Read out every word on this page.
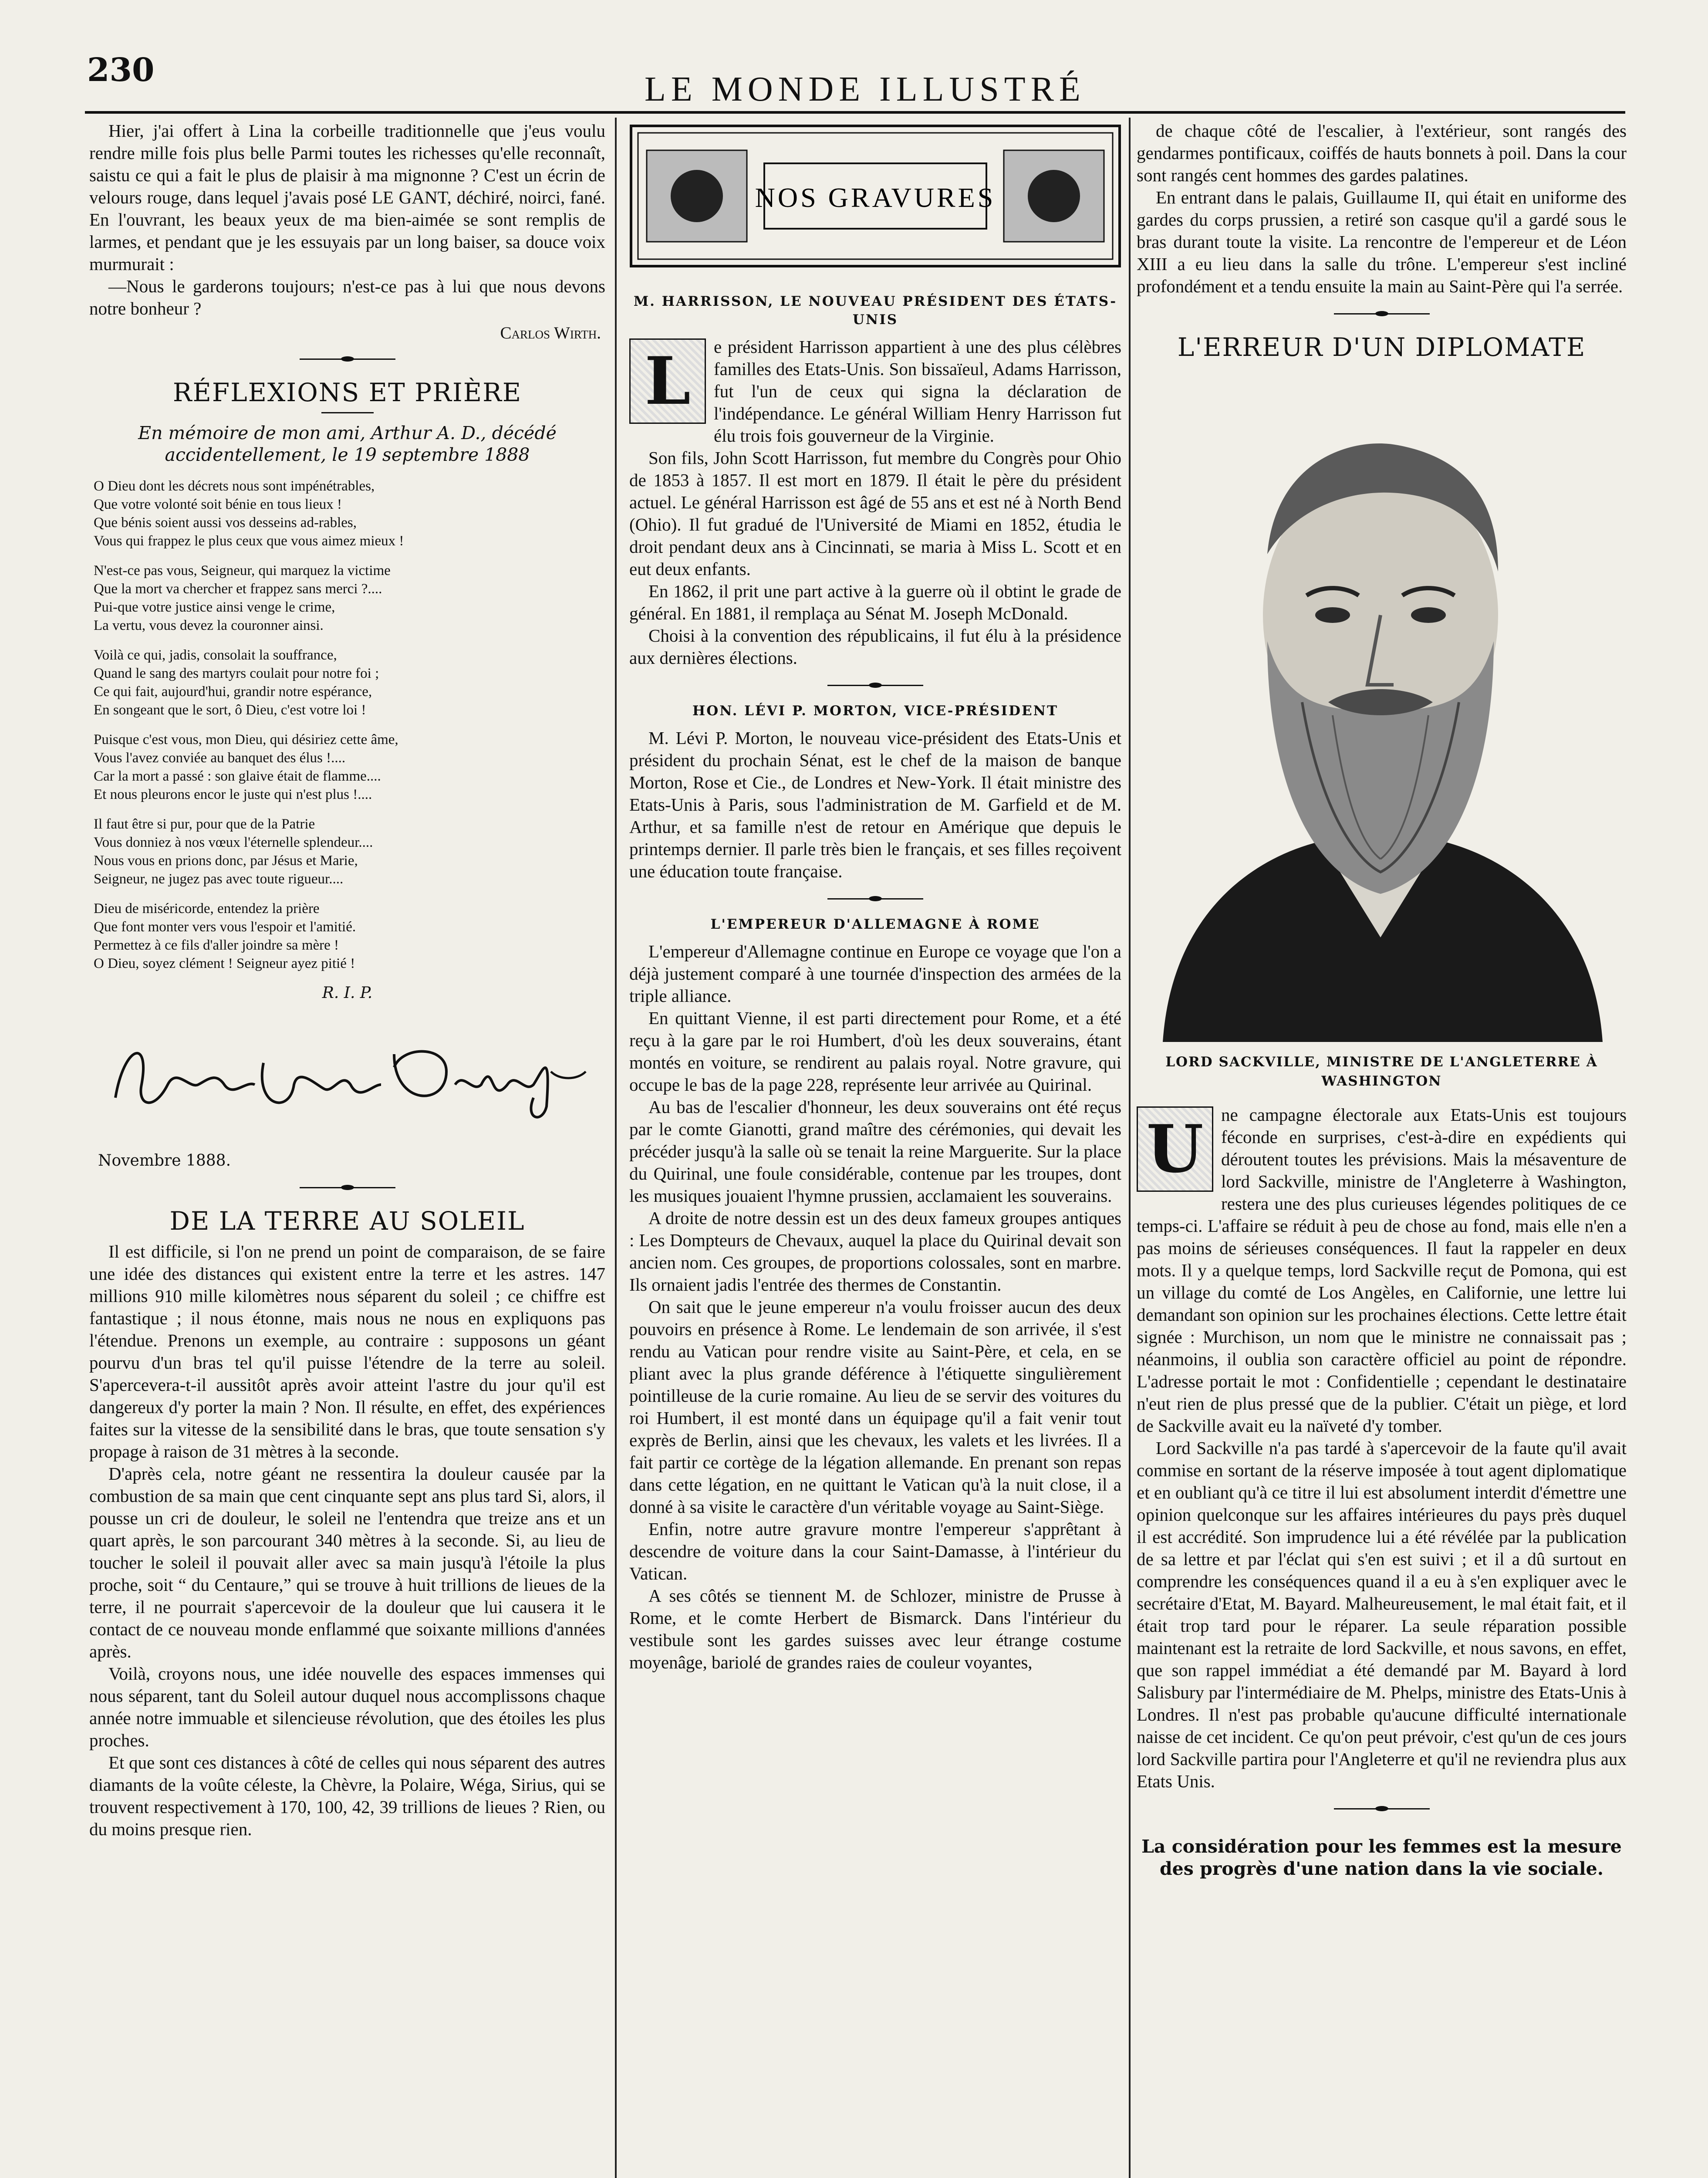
230	LE MONDE ILLUSTRÉ

Hier, j'ai offert à Lina la corbeille traditionnelle que j'eus voulu rendre mille fois plus belle Parmi toutes les richesses qu'elle reconnaît, saistu ce qui a fait le plus de plaisir à ma mignonne ? C'est un écrin de velours rouge, dans lequel j'avais posé LE GANT, déchiré, noirci, fané. En l'ouvrant, les beaux yeux de ma bien-aimée se sont remplis de larmes, et pendant que je les essuyais par un long baiser, sa douce voix murmurait :

—Nous le garderons toujours; n'est-ce pas à lui que nous devons notre bonheur ?

Carlos Wirth.
RÉFLEXIONS ET PRIÈRE
En mémoire de mon ami, Arthur A. D., décédé accidentellement, le 19 septembre 1888
O Dieu dont les décrets nous sont impénétrables,
Que votre volonté soit bénie en tous lieux !
Que bénis soient aussi vos desseins ad-rables,
Vous qui frappez le plus ceux que vous aimez mieux !
N'est-ce pas vous, Seigneur, qui marquez la victime
Que la mort va chercher et frappez sans merci ?....
Pui-que votre justice ainsi venge le crime,
La vertu, vous devez la couronner ainsi.
Voilà ce qui, jadis, consolait la souffrance,
Quand le sang des martyrs coulait pour notre foi ;
Ce qui fait, aujourd'hui, grandir notre espérance,
En songeant que le sort, ô Dieu, c'est votre loi !
Puisque c'est vous, mon Dieu, qui désiriez cette âme,
Vous l'avez conviée au banquet des élus !....
Car la mort a passé : son glaive était de flamme....
Et nous pleurons encor le juste qui n'est plus !....
Il faut être si pur, pour que de la Patrie
Vous donniez à nos vœux l'éternelle splendeur....
Nous vous en prions donc, par Jésus et Marie,
Seigneur, ne jugez pas avec toute rigueur....
Dieu de miséricorde, entendez la prière
Que font monter vers vous l'espoir et l'amitié.
Permettez à ce fils d'aller joindre sa mère !
O Dieu, soyez clément ! Seigneur ayez pitié !
R. I. P.
Novembre 1888.
DE LA TERRE AU SOLEIL

Il est difficile, si l'on ne prend un point de comparaison, de se faire une idée des distances qui existent entre la terre et les astres. 147 millions 910 mille kilomètres nous séparent du soleil ; ce chiffre est fantastique ; il nous étonne, mais nous ne nous en expliquons pas l'étendue. Prenons un exemple, au contraire : supposons un géant pourvu d'un bras tel qu'il puisse l'étendre de la terre au soleil. S'apercevera-t-il aussitôt après avoir atteint l'astre du jour qu'il est dangereux d'y porter la main ? Non. Il résulte, en effet, des expériences faites sur la vitesse de la sensibilité dans le bras, que toute sensation s'y propage à raison de 31 mètres à la seconde.

D'après cela, notre géant ne ressentira la douleur causée par la combustion de sa main que cent cinquante sept ans plus tard Si, alors, il pousse un cri de douleur, le soleil ne l'entendra que treize ans et un quart après, le son parcourant 340 mètres à la seconde. Si, au lieu de toucher le soleil il pouvait aller avec sa main jusqu'à l'étoile la plus proche, soit “ du Centaure,” qui se trouve à huit trillions de lieues de la terre, il ne pourrait s'apercevoir de la douleur que lui causera it le contact de ce nouveau monde enflammé que soixante millions d'années après.

Voilà, croyons nous, une idée nouvelle des espaces immenses qui nous séparent, tant du Soleil autour duquel nous accomplissons chaque année notre immuable et silencieuse révolution, que des étoiles les plus proches.

Et que sont ces distances à côté de celles qui nous séparent des autres diamants de la voûte céleste, la Chèvre, la Polaire, Wéga, Sirius, qui se trouvent respectivement à 170, 100, 42, 39 trillions de lieues ? Rien, ou du moins presque rien.

NOS GRAVURES
M. HARRISSON, LE NOUVEAU PRÉSIDENT DES ÉTATS-UNIS
L	e président Harrisson appartient à une des plus célèbres familles des Etats-Unis. Son bissaïeul, Adams Harrisson, fut l'un de ceux qui signa la déclaration de l'indépendance. Le général William Henry Harrisson fut élu trois fois gouverneur de la Virginie.

Son fils, John Scott Harrisson, fut membre du Congrès pour Ohio de 1853 à 1857. Il est mort en 1879. Il était le père du président actuel. Le général Harrisson est âgé de 55 ans et est né à North Bend (Ohio). Il fut gradué de l'Université de Miami en 1852, étudia le droit pendant deux ans à Cincinnati, se maria à Miss L. Scott et en eut deux enfants.

En 1862, il prit une part active à la guerre où il obtint le grade de général. En 1881, il remplaça au Sénat M. Joseph McDonald.

Choisi à la convention des républicains, il fut élu à la présidence aux dernières élections.

HON. LÉVI P. MORTON, VICE-PRÉSIDENT

M. Lévi P. Morton, le nouveau vice-président des Etats-Unis et président du prochain Sénat, est le chef de la maison de banque Morton, Rose et Cie., de Londres et New-York. Il était ministre des Etats-Unis à Paris, sous l'administration de M. Garfield et de M. Arthur, et sa famille n'est de retour en Amérique que depuis le printemps dernier. Il parle très bien le français, et ses filles reçoivent une éducation toute française.

L'EMPEREUR D'ALLEMAGNE À ROME

L'empereur d'Allemagne continue en Europe ce voyage que l'on a déjà justement comparé à une tournée d'inspection des armées de la triple alliance.

En quittant Vienne, il est parti directement pour Rome, et a été reçu à la gare par le roi Humbert, d'où les deux souverains, étant montés en voiture, se rendirent au palais royal. Notre gravure, qui occupe le bas de la page 228, représente leur arrivée au Quirinal.

Au bas de l'escalier d'honneur, les deux souverains ont été reçus par le comte Gianotti, grand maître des cérémonies, qui devait les précéder jusqu'à la salle où se tenait la reine Marguerite. Sur la place du Quirinal, une foule considérable, contenue par les troupes, dont les musiques jouaient l'hymne prussien, acclamaient les souverains.

A droite de notre dessin est un des deux fameux groupes antiques : Les Dompteurs de Chevaux, auquel la place du Quirinal devait son ancien nom. Ces groupes, de proportions colossales, sont en marbre. Ils ornaient jadis l'entrée des thermes de Constantin.

On sait que le jeune empereur n'a voulu froisser aucun des deux pouvoirs en présence à Rome. Le lendemain de son arrivée, il s'est rendu au Vatican pour rendre visite au Saint-Père, et cela, en se pliant avec la plus grande déférence à l'étiquette singulièrement pointilleuse de la curie romaine. Au lieu de se servir des voitures du roi Humbert, il est monté dans un équipage qu'il a fait venir tout exprès de Berlin, ainsi que les chevaux, les valets et les livrées. Il a fait partir ce cortège de la légation allemande. En prenant son repas dans cette légation, en ne quittant le Vatican qu'à la nuit close, il a donné à sa visite le caractère d'un véritable voyage au Saint-Siège.

Enfin, notre autre gravure montre l'empereur s'apprêtant à descendre de voiture dans la cour Saint-Damasse, à l'intérieur du Vatican.

A ses côtés se tiennent M. de Schlozer, ministre de Prusse à Rome, et le comte Herbert de Bismarck. Dans l'intérieur du vestibule sont les gardes suisses avec leur étrange costume moyenâge, bariolé de grandes raies de couleur voyantes,

de chaque côté de l'escalier, à l'extérieur, sont rangés des gendarmes pontificaux, coiffés de hauts bonnets à poil. Dans la cour sont rangés cent hommes des gardes palatines.

En entrant dans le palais, Guillaume II, qui était en uniforme des gardes du corps prussien, a retiré son casque qu'il a gardé sous le bras durant toute la visite. La rencontre de l'empereur et de Léon XIII a eu lieu dans la salle du trône. L'empereur s'est incliné profondément et a tendu ensuite la main au Saint-Père qui l'a serrée.

L'ERREUR D'UN DIPLOMATE
LORD SACKVILLE, MINISTRE DE L'ANGLETERRE À WASHINGTON
U ne campagne électorale aux Etats-Unis est toujours féconde en surprises, c'est-à-dire en expédients qui déroutent toutes les prévisions. Mais la mésaventure de lord Sackville, ministre de l'Angleterre à Washington, restera une des plus curieuses légendes politiques de ce temps-ci. L'affaire se réduit à peu de chose au fond, mais elle n'en a pas moins de sérieuses conséquences. Il faut la rappeler en deux mots. Il y a quelque temps, lord Sackville reçut de Pomona, qui est un village du comté de Los Angèles, en Californie, une lettre lui demandant son opinion sur les prochaines élections. Cette lettre était signée : Murchison, un nom que le ministre ne connaissait pas ; néanmoins, il oublia son caractère officiel au point de répondre. L'adresse portait le mot : Confidentielle ; cependant le destinataire n'eut rien de plus pressé que de la publier. C'était un piège, et lord de Sackville avait eu la naïveté d'y tomber.

Lord Sackville n'a pas tardé à s'apercevoir de la faute qu'il avait commise en sortant de la réserve imposée à tout agent diplomatique et en oubliant qu'à ce titre il lui est absolument interdit d'émettre une opinion quelconque sur les affaires intérieures du pays près duquel il est accrédité. Son imprudence lui a été révélée par la publication de sa lettre et par l'éclat qui s'en est suivi ; et il a dû surtout en comprendre les conséquences quand il a eu à s'en expliquer avec le secrétaire d'Etat, M. Bayard. Malheureusement, le mal était fait, et il était trop tard pour le réparer. La seule réparation possible maintenant est la retraite de lord Sackville, et nous savons, en effet, que son rappel immédiat a été demandé par M. Bayard à lord Salisbury par l'intermédiaire de M. Phelps, ministre des Etats-Unis à Londres. Il n'est pas probable qu'aucune difficulté internationale naisse de cet incident. Ce qu'on peut prévoir, c'est qu'un de ces jours lord Sackville partira pour l'Angleterre et qu'il ne reviendra plus aux Etats Unis.

La considération pour les femmes est la mesure des progrès d'une nation dans la vie sociale.
